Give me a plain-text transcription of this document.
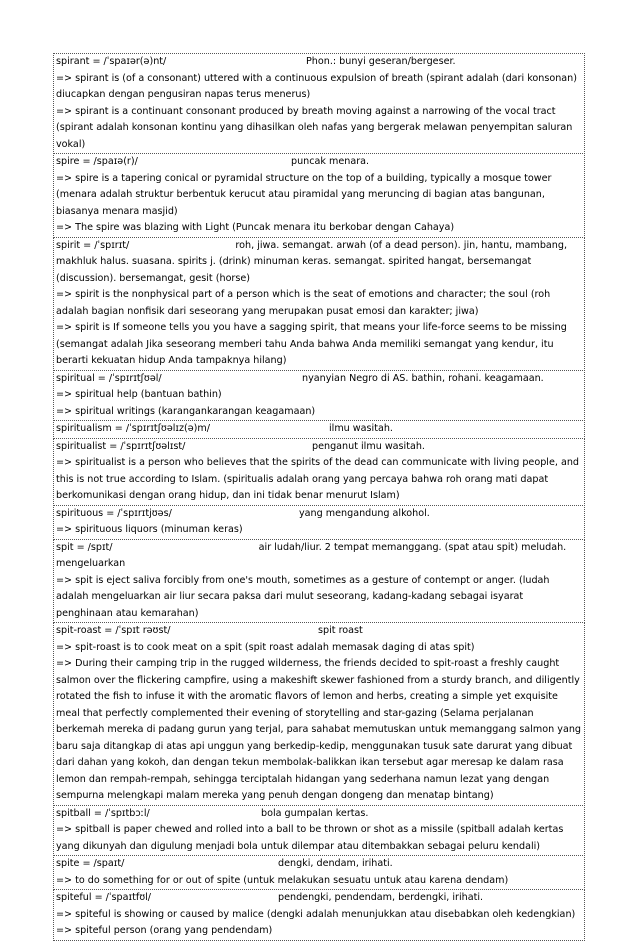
spirant = /ˈspaɪər(ə)nt/	Phon.: bunyi geseran/bergeser.
=> spirant is (of a consonant) uttered with a continuous expulsion of breath (spirant adalah (dari konsonan) diucapkan dengan pengusiran napas terus menerus)
=> spirant is a continuant consonant produced by breath moving against a narrowing of the vocal tract (spirant adalah konsonan kontinu yang dihasilkan oleh nafas yang bergerak melawan penyempitan saluran vokal)
spire = /spaɪə(r)/	puncak menara.
=> spire is a tapering conical or pyramidal structure on the top of a building, typically a mosque tower (menara adalah struktur berbentuk kerucut atau piramidal yang meruncing di bagian atas bangunan, biasanya menara masjid)
=> The spire was blazing with Light (Puncak menara itu berkobar dengan Cahaya)
spirit = /ˈspɪrɪt/	roh, jiwa. semangat. arwah (of a dead person). jin, hantu, mambang, makhluk halus. suasana. spirits j. (drink) minuman keras. semangat. spirited hangat, bersemangat (discussion). bersemangat, gesit (horse)
=> spirit is the nonphysical part of a person which is the seat of emotions and character; the soul (roh adalah bagian nonfisik dari seseorang yang merupakan pusat emosi dan karakter; jiwa)
=> spirit is If someone tells you you have a sagging spirit, that means your life-force seems to be missing (semangat adalah Jika seseorang memberi tahu Anda bahwa Anda memiliki semangat yang kendur, itu berarti kekuatan hidup Anda tampaknya hilang)
spiritual = /ˈspɪrɪtʃʊəl/	nyanyian Negro di AS. bathin, rohani. keagamaan.
=> spiritual help (bantuan bathin)
=> spiritual writings (karangankarangan keagamaan)
spiritualism = /ˈspɪrɪtʃʊəlɪz(ə)m/	ilmu wasitah.
spiritualist = /ˈspɪrɪtʃʊəlɪst/	penganut ilmu wasitah.
=> spiritualist is a person who believes that the spirits of the dead can communicate with living people, and this is not true according to Islam. (spiritualis adalah orang yang percaya bahwa roh orang mati dapat berkomunikasi dengan orang hidup, dan ini tidak benar menurut Islam)
spirituous = /ˈspɪrɪtjʊəs/	yang mengandung alkohol.
=> spirituous liquors (minuman keras)
spit = /spɪt/	air ludah/liur. 2 tempat memanggang. (spat atau spit) meludah. mengeluarkan
=> spit is eject saliva forcibly from one's mouth, sometimes as a gesture of contempt or anger. (ludah adalah mengeluarkan air liur secara paksa dari mulut seseorang, kadang-kadang sebagai isyarat penghinaan atau kemarahan)
spit-roast = /ˈspɪt rəʊst/	spit roast
=> spit-roast is to cook meat on a spit (spit roast adalah memasak daging di atas spit)
=> During their camping trip in the rugged wilderness, the friends decided to spit-roast a freshly caught salmon over the flickering campfire, using a makeshift skewer fashioned from a sturdy branch, and diligently rotated the fish to infuse it with the aromatic flavors of lemon and herbs, creating a simple yet exquisite meal that perfectly complemented their evening of storytelling and star-gazing (Selama perjalanan berkemah mereka di padang gurun yang terjal, para sahabat memutuskan untuk memanggang salmon yang baru saja ditangkap di atas api unggun yang berkedip-kedip, menggunakan tusuk sate darurat yang dibuat dari dahan yang kokoh, dan dengan tekun membolak-balikkan ikan tersebut agar meresap ke dalam rasa lemon dan rempah-rempah, sehingga terciptalah hidangan yang sederhana namun lezat yang dengan sempurna melengkapi malam mereka yang penuh dengan dongeng dan menatap bintang)
spitball = /ˈspɪtbɔːl/	bola gumpalan kertas.
=> spitball is paper chewed and rolled into a ball to be thrown or shot as a missile (spitball adalah kertas yang dikunyah dan digulung menjadi bola untuk dilempar atau ditembakkan sebagai peluru kendali)
spite = /spaɪt/	dengki, dendam, irihati.
=> to do something for or out of spite (untuk melakukan sesuatu untuk atau karena dendam)
spiteful = /ˈspaɪtfʊl/	pendengki, pendendam, berdengki, irihati.
=> spiteful is showing or caused by malice (dengki adalah menunjukkan atau disebabkan oleh kedengkian)
=> spiteful person (orang yang pendendam)
